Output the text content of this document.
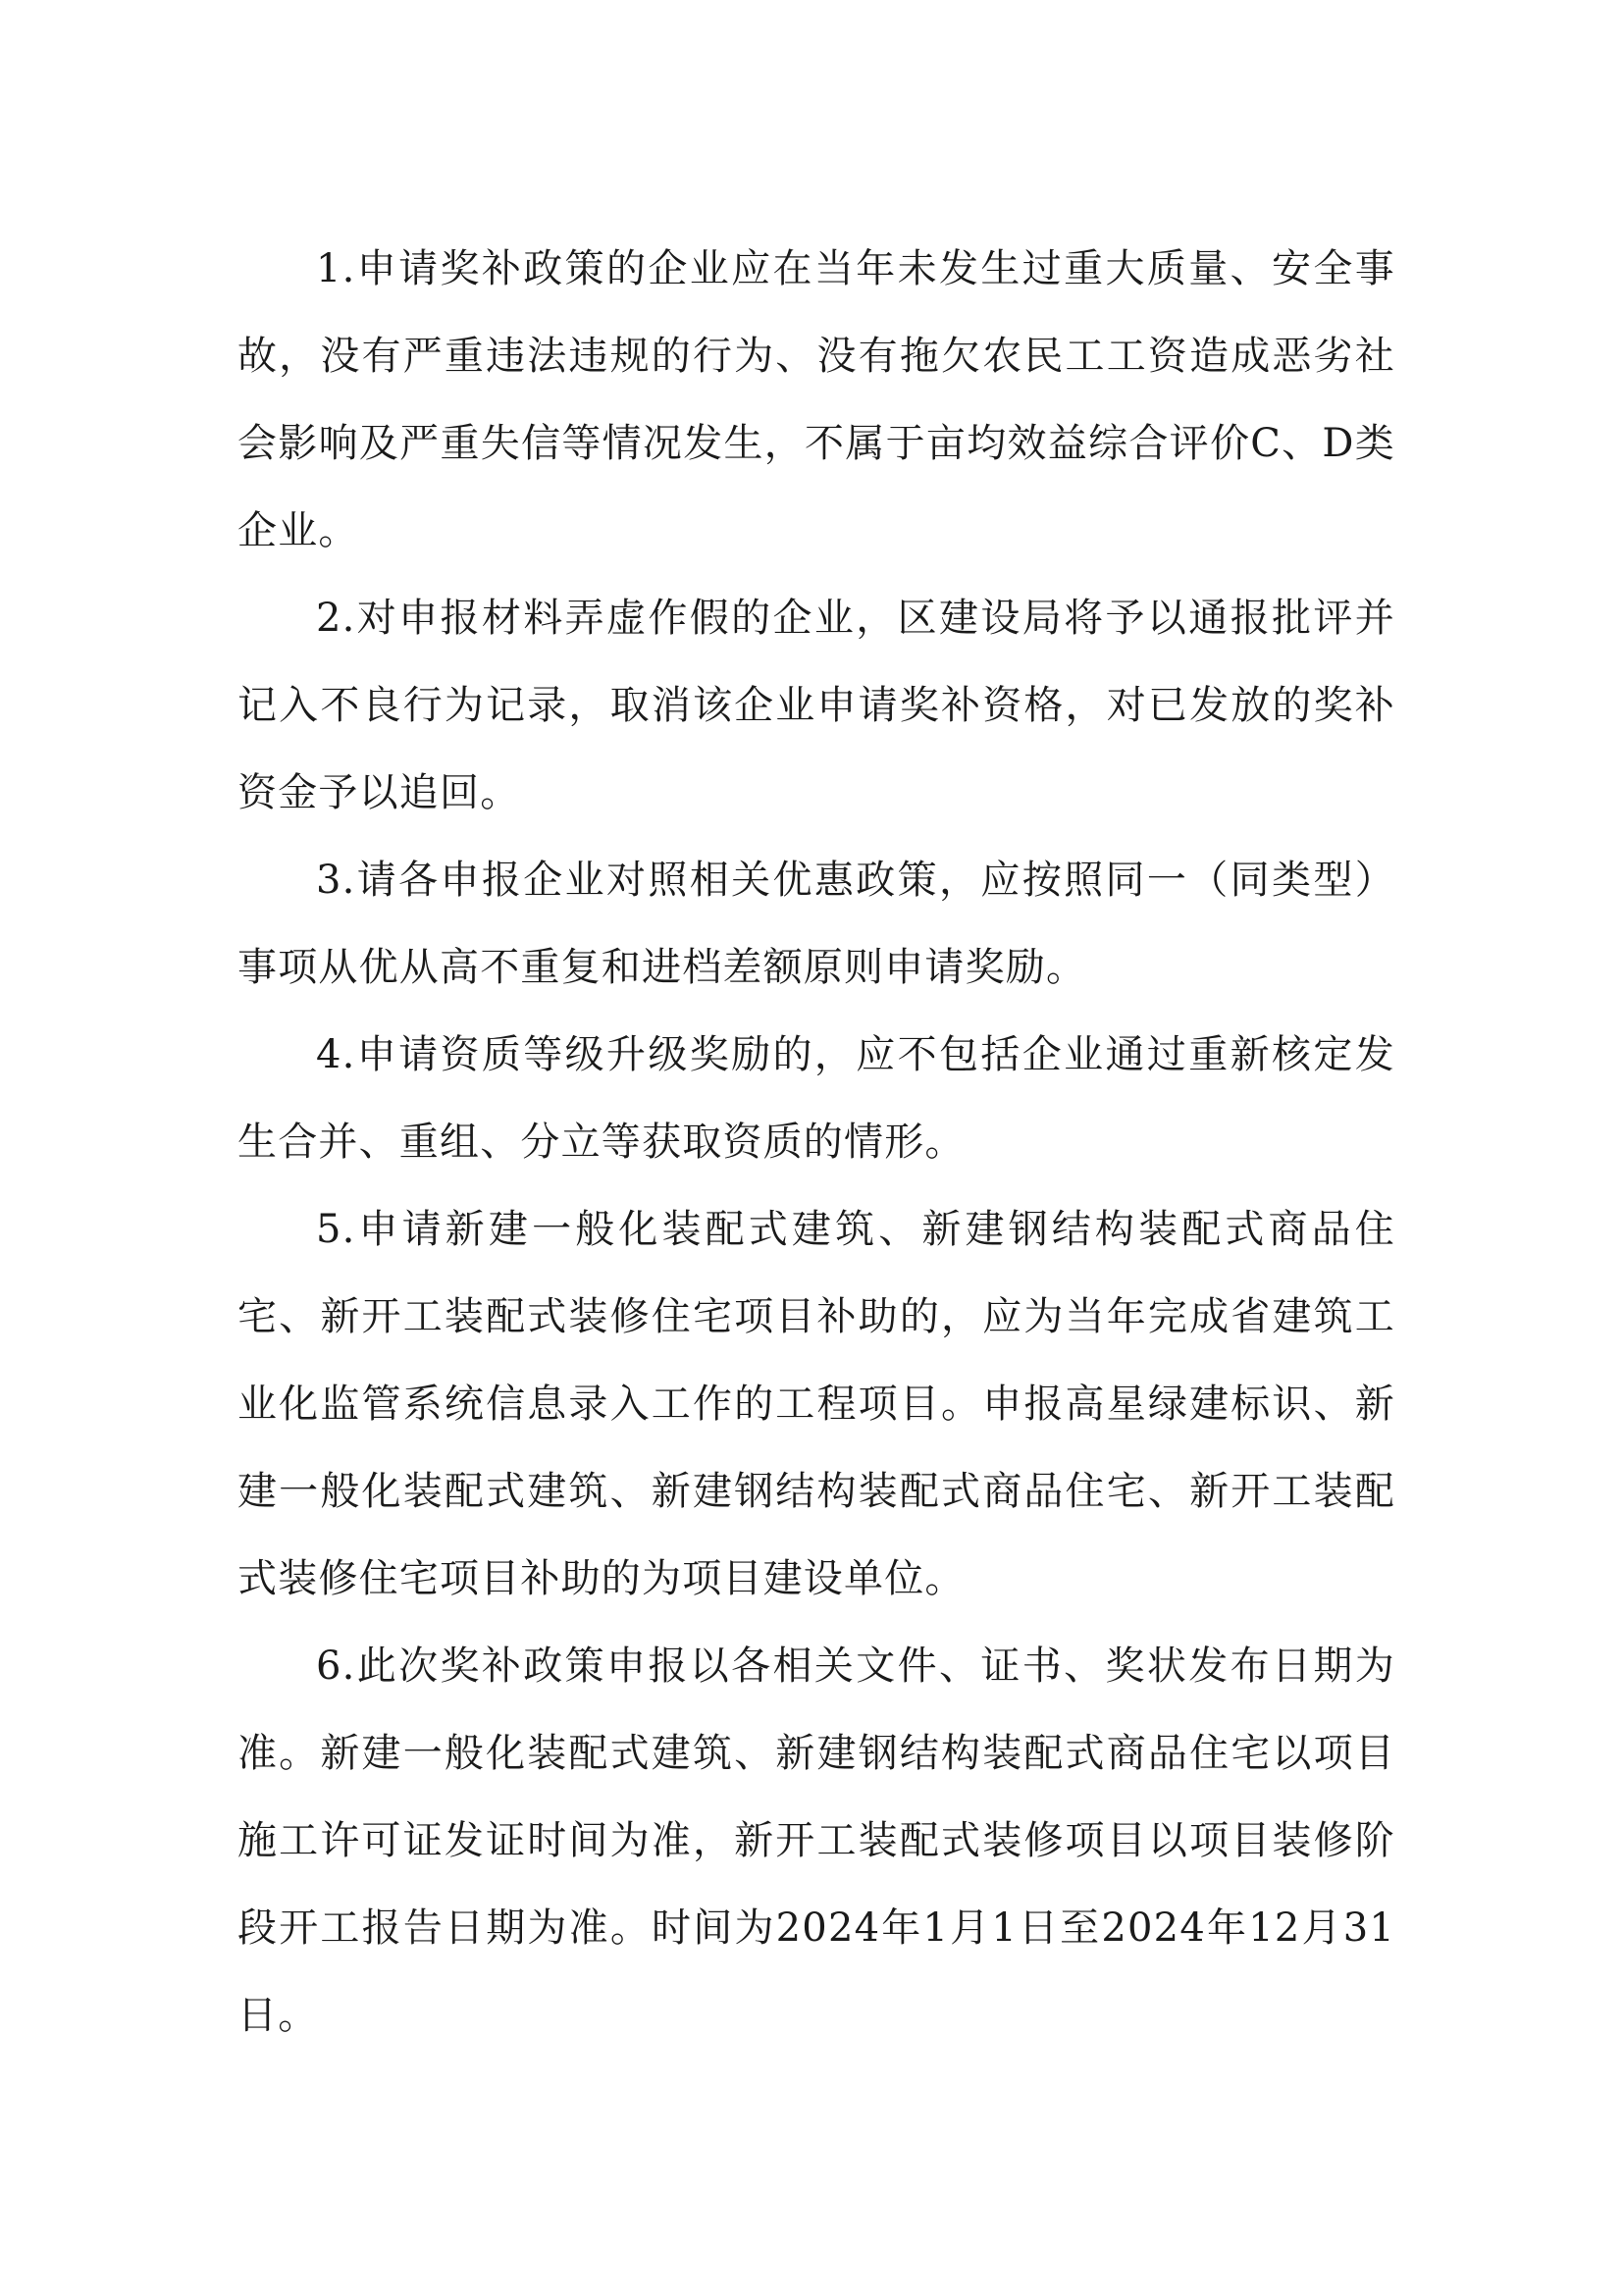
1.申请奖补政策的企业应在当年未发生过重大质量、安全事故，没有严重违法违规的行为、没有拖欠农民工工资造成恶劣社会影响及严重失信等情况发生，不属于亩均效益综合评价C、D类企业。

2.对申报材料弄虚作假的企业，区建设局将予以通报批评并记入不良行为记录，取消该企业申请奖补资格，对已发放的奖补资金予以追回。

3.请各申报企业对照相关优惠政策，应按照同一（同类型）事项从优从高不重复和进档差额原则申请奖励。

4.申请资质等级升级奖励的，应不包括企业通过重新核定发生合并、重组、分立等获取资质的情形。

5.申请新建一般化装配式建筑、新建钢结构装配式商品住宅、新开工装配式装修住宅项目补助的，应为当年完成省建筑工业化监管系统信息录入工作的工程项目。申报高星绿建标识、新建一般化装配式建筑、新建钢结构装配式商品住宅、新开工装配式装修住宅项目补助的为项目建设单位。

6.此次奖补政策申报以各相关文件、证书、奖状发布日期为准。新建一般化装配式建筑、新建钢结构装配式商品住宅以项目施工许可证发证时间为准，新开工装配式装修项目以项目装修阶段开工报告日期为准。时间为2024年1月1日至2024年12月31日。
